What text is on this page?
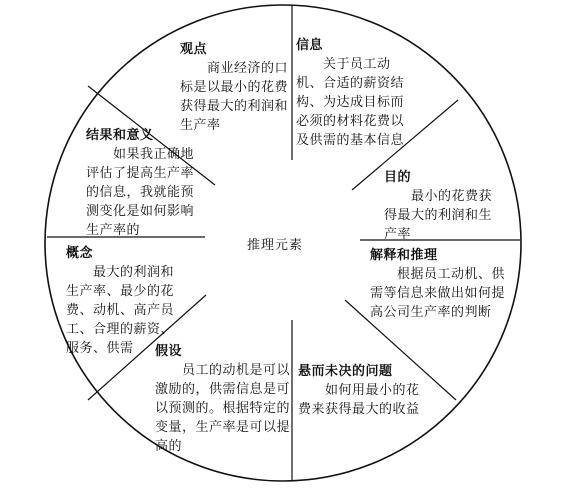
推理元素
观点
　　商业经济的口标是以最小的花费获得最大的利润和生产率
信息
　　关于员工动机、合适的薪资结构、为达成目标而必须的材料花费以及供需的基本信息
目的
　　最小的花费获得最大的利润和生产率
解释和推理
　　根据员工动机、供需等信息来做出如何提高公司生产率的判断
悬而未决的问题
　　如何用最小的花费来获得最大的收益
假设
　　员工的动机是可以激励的，供需信息是可以预测的。根据特定的变量，生产率是可以提高的
概念
　　最大的利润和生产率、最少的花费、动机、高产员工、合理的薪资、服务、供需
结果和意义
　　如果我正确地评估了提高生产率的信息，我就能预测变化是如何影响生产率的
